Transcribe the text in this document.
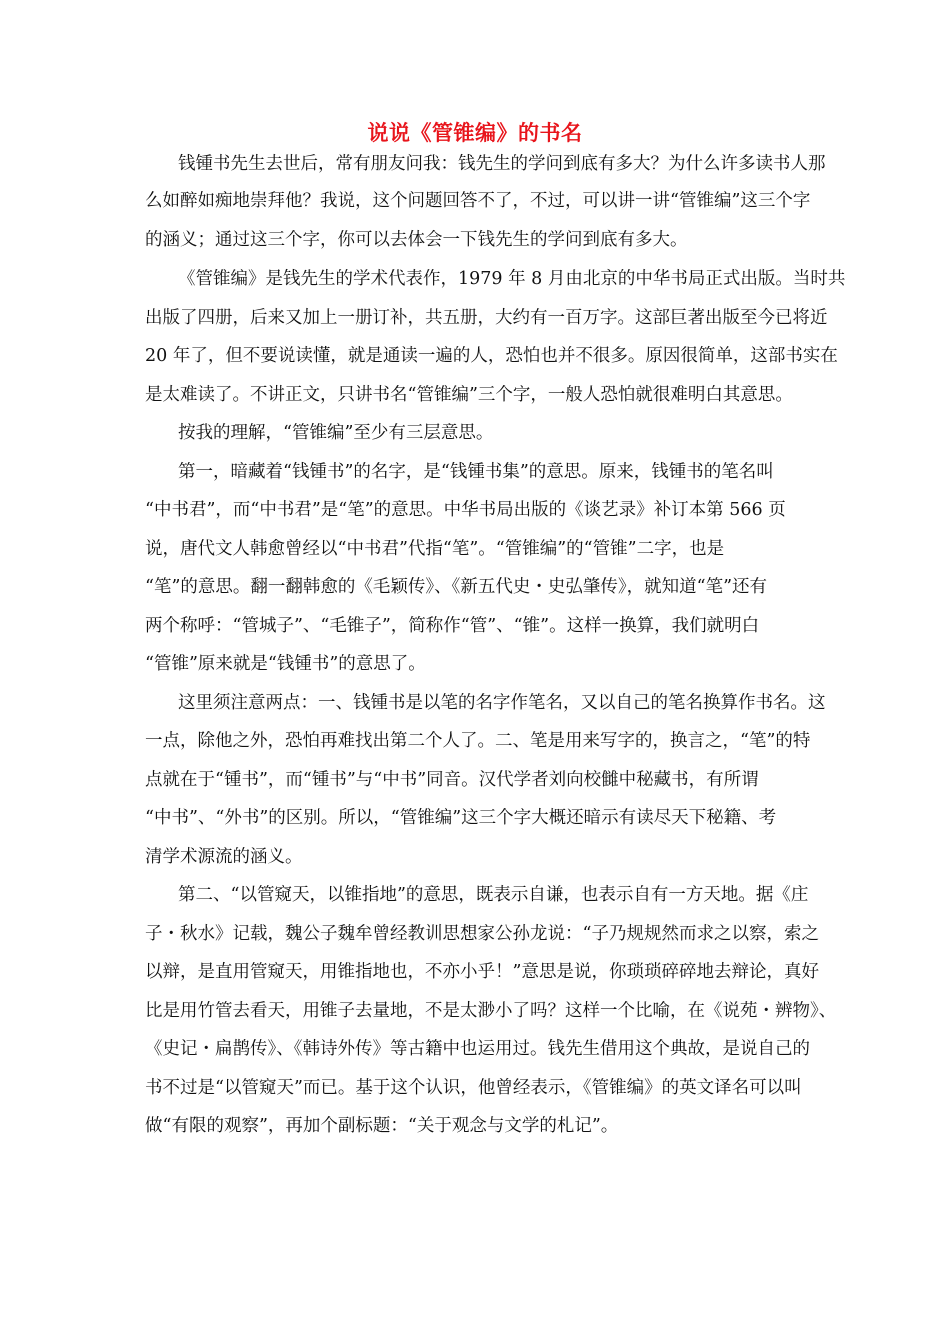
说说《管锥编》的书名
钱锺书先生去世后，常有朋友问我：钱先生的学问到底有多大？为什么许多读书人那
么如醉如痴地崇拜他？我说，这个问题回答不了，不过，可以讲一讲“管锥编”这三个字
的涵义；通过这三个字，你可以去体会一下钱先生的学问到底有多大。
《管锥编》是钱先生的学术代表作，1979 年 8 月由北京的中华书局正式出版。当时共
出版了四册，后来又加上一册订补，共五册，大约有一百万字。这部巨著出版至今已将近
20 年了，但不要说读懂，就是通读一遍的人，恐怕也并不很多。原因很简单，这部书实在
是太难读了。不讲正文，只讲书名“管锥编”三个字，一般人恐怕就很难明白其意思。
按我的理解，“管锥编”至少有三层意思。
第一，暗藏着“钱锺书”的名字，是“钱锺书集”的意思。原来，钱锺书的笔名叫
“中书君”，而“中书君”是“笔”的意思。中华书局出版的《谈艺录》补订本第 566 页
说，唐代文人韩愈曾经以“中书君”代指“笔”。“管锥编”的“管锥”二字，也是
“笔”的意思。翻一翻韩愈的《毛颖传》、《新五代史・史弘肇传》，就知道“笔”还有
两个称呼：“管城子”、“毛锥子”，简称作“管”、“锥”。这样一换算，我们就明白
“管锥”原来就是“钱锺书”的意思了。
这里须注意两点：一、钱锺书是以笔的名字作笔名，又以自己的笔名换算作书名。这
一点，除他之外，恐怕再难找出第二个人了。二、笔是用来写字的，换言之，“笔”的特
点就在于“锺书”，而“锺书”与“中书”同音。汉代学者刘向校雠中秘藏书，有所谓
“中书”、“外书”的区别。所以，“管锥编”这三个字大概还暗示有读尽天下秘籍、考
清学术源流的涵义。
第二、“以管窥天，以锥指地”的意思，既表示自谦，也表示自有一方天地。据《庄
子・秋水》记载，魏公子魏牟曾经教训思想家公孙龙说：“子乃规规然而求之以察，索之
以辩，是直用管窥天，用锥指地也，不亦小乎！”意思是说，你琐琐碎碎地去辩论，真好
比是用竹管去看天，用锥子去量地，不是太渺小了吗？这样一个比喻，在《说苑・辨物》、
《史记・扁鹊传》、《韩诗外传》等古籍中也运用过。钱先生借用这个典故，是说自己的
书不过是“以管窥天”而已。基于这个认识，他曾经表示，《管锥编》的英文译名可以叫
做“有限的观察”，再加个副标题：“关于观念与文学的札记”。
